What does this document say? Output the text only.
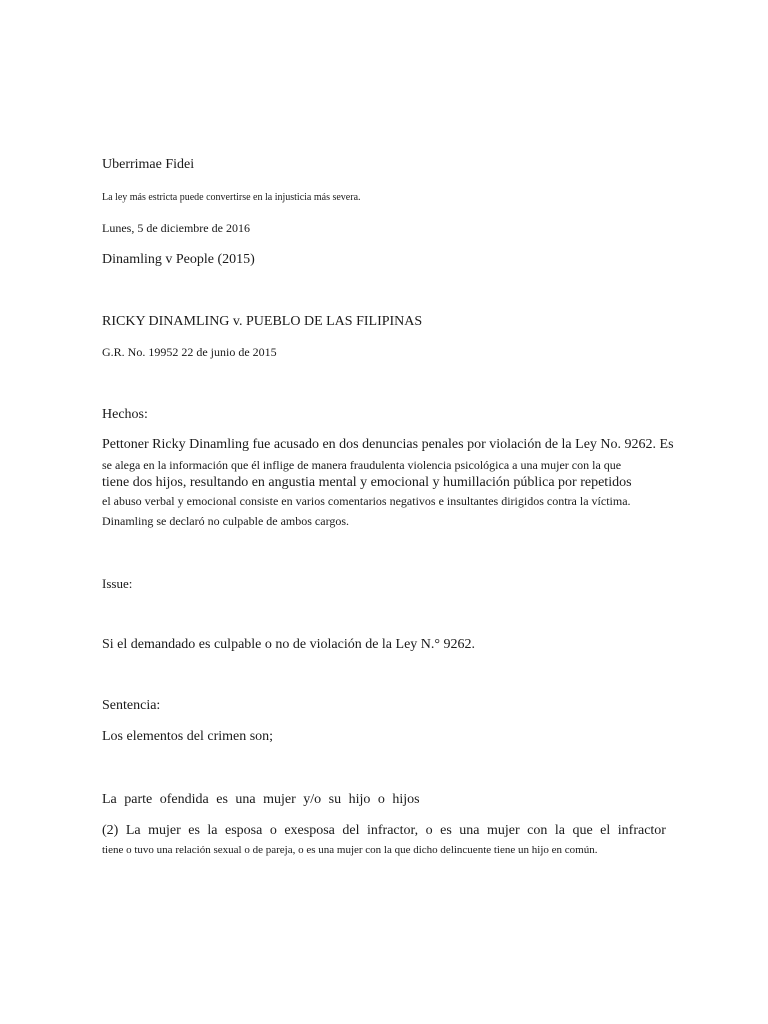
Uberrimae Fidei
La ley más estricta puede convertirse en la injusticia más severa.
Lunes, 5 de diciembre de 2016
Dinamling v People (2015)
RICKY DINAMLING v. PUEBLO DE LAS FILIPINAS
G.R. No. 19952 22 de junio de 2015
Hechos:
Pettoner Ricky Dinamling fue acusado en dos denuncias penales por violación de la Ley No. 9262. Es
se alega en la información que él inflige de manera fraudulenta violencia psicológica a una mujer con la que
tiene dos hijos, resultando en angustia mental y emocional y humillación pública por repetidos
el abuso verbal y emocional consiste en varios comentarios negativos e insultantes dirigidos contra la víctima.
Dinamling se declaró no culpable de ambos cargos.
Issue:
Si el demandado es culpable o no de violación de la Ley N.° 9262.
Sentencia:
Los elementos del crimen son;
La parte ofendida es una mujer y/o su hijo o hijos
(2) La mujer es la esposa o exesposa del infractor, o es una mujer con la que el infractor
tiene o tuvo una relación sexual o de pareja, o es una mujer con la que dicho delincuente tiene un hijo en común.
